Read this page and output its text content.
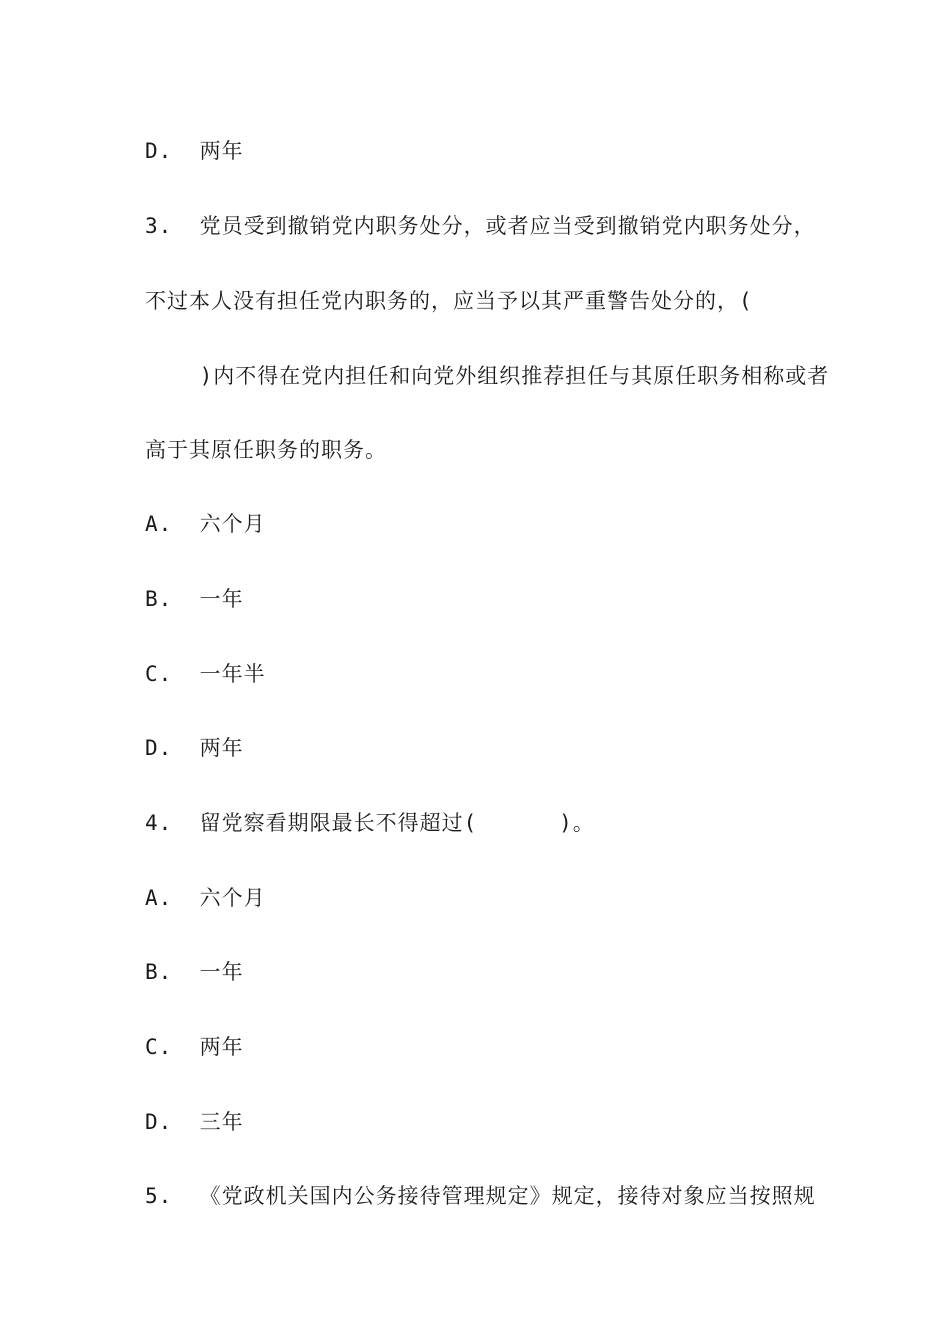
D.  两年
3.  党员受到撤销党内职务处分，或者应当受到撤销党内职务处分，
不过本人没有担任党内职务的，应当予以其严重警告处分的，(
)内不得在党内担任和向党外组织推荐担任与其原任职务相称或者
高于其原任职务的职务。
A.  六个月
B.  一年
C.  一年半
D.  两年
4.  留党察看期限最长不得超过(      )。
A.  六个月
B.  一年
C.  两年
D.  三年
5.  《党政机关国内公务接待管理规定》规定，接待对象应当按照规
